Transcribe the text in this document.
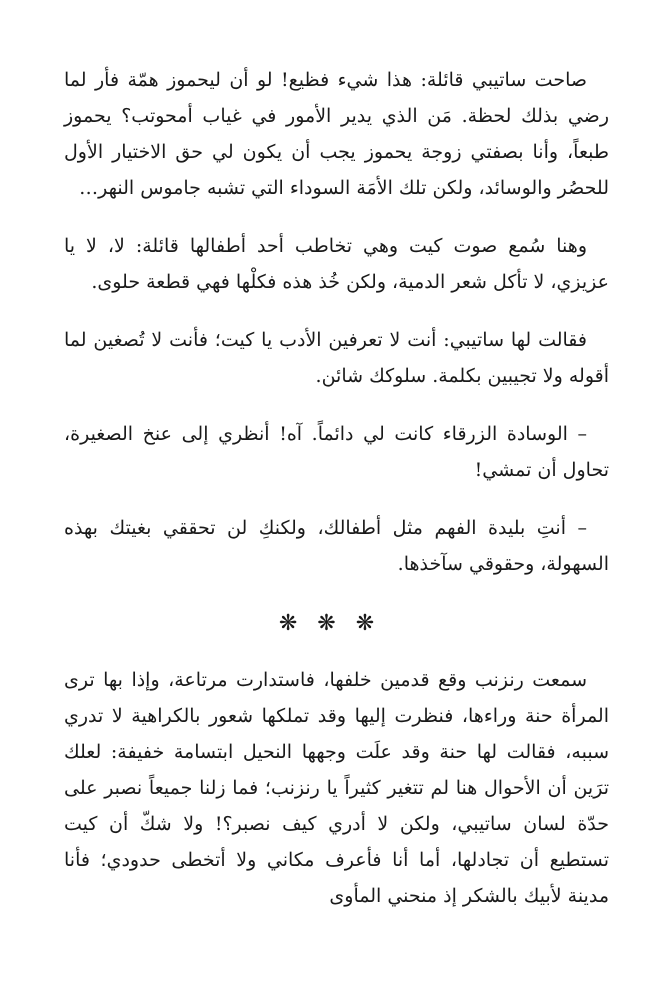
صاحت ساتيبي قائلة: هذا شيء فظيع! لو أن ليحموز همّة فأر لما رضي بذلك لحظة. مَن الذي يدير الأمور في غياب أمحوتب؟ يحموز طبعاً، وأنا بصفتي زوجة يحموز يجب أن يكون لي حق الاختيار الأول للحصُر والوسائد، ولكن تلك الأمَة السوداء التي تشبه جاموس النهر…

وهنا سُمع صوت كيت وهي تخاطب أحد أطفالها قائلة: لا، لا يا عزيزي، لا تأكل شعر الدمية، ولكن خُذ هذه فكلْها فهي قطعة حلوى.

فقالت لها ساتيبي: أنت لا تعرفين الأدب يا كيت؛ فأنت لا تُصغين لما أقوله ولا تجيبين بكلمة. سلوكك شائن.

– الوسادة الزرقاء كانت لي دائماً. آه! أنظري إلى عنخ الصغيرة، تحاول أن تمشي!

– أنتِ بليدة الفهم مثل أطفالك، ولكنكِ لن تحققي بغيتك بهذه السهولة، وحقوقي سآخذها.

❋❋❋

سمعت رنزنب وقع قدمين خلفها، فاستدارت مرتاعة، وإذا بها ترى المرأة حنة وراءها، فنظرت إليها وقد تملكها شعور بالكراهية لا تدري سببه، فقالت لها حنة وقد علَت وجهها النحيل ابتسامة خفيفة: لعلك ترَين أن الأحوال هنا لم تتغير كثيراً يا رنزنب؛ فما زلنا جميعاً نصبر على حدّة لسان ساتيبي، ولكن لا أدري كيف نصبر؟! ولا شكّ أن كيت تستطيع أن تجادلها، أما أنا فأعرف مكاني ولا أتخطى حدودي؛ فأنا مدينة لأبيك بالشكر إذ منحني المأوى
